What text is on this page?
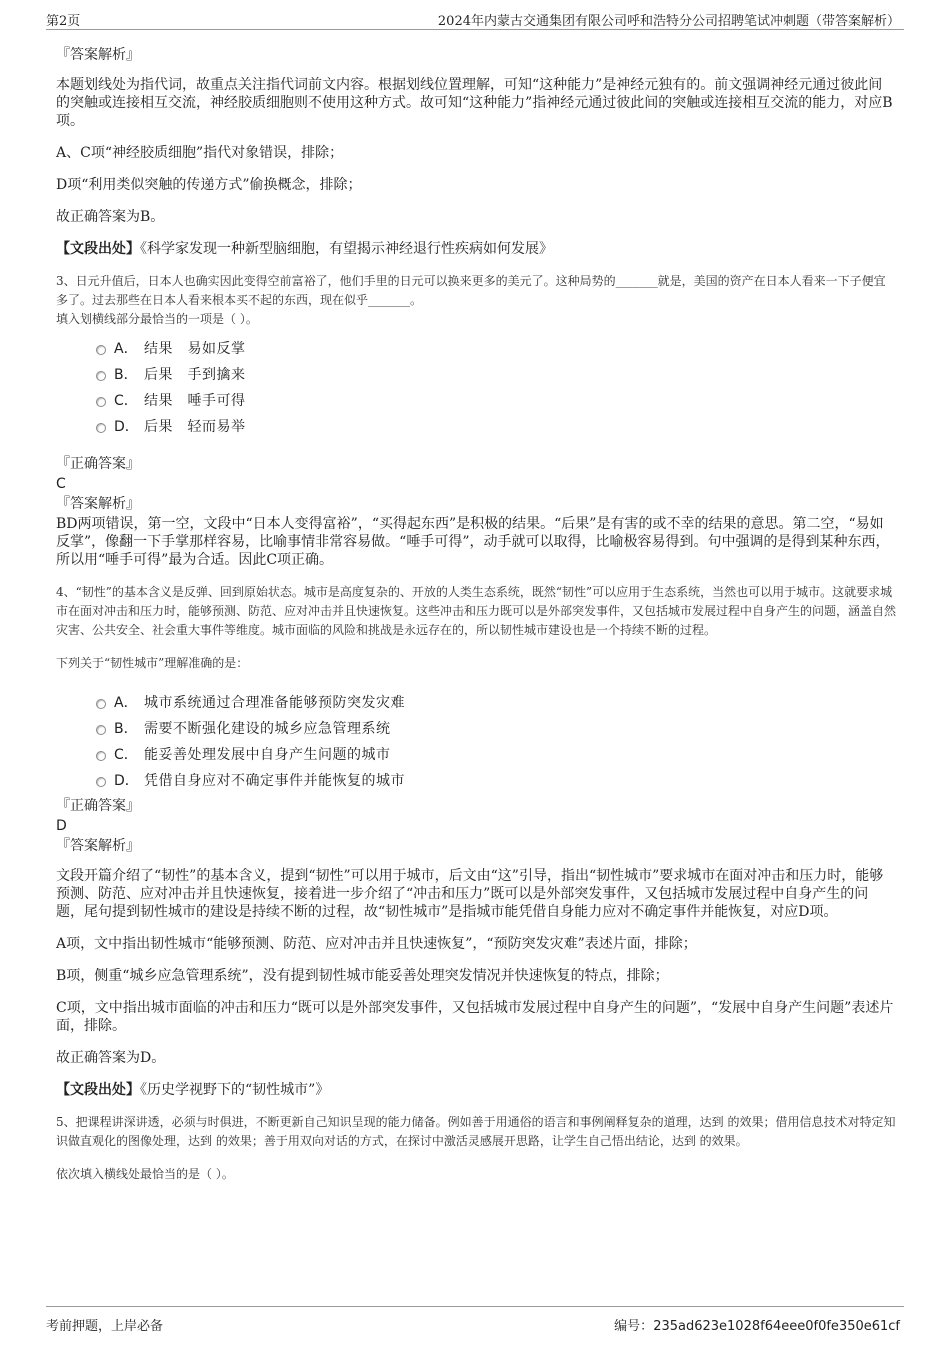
第2页	2024年内蒙古交通集团有限公司呼和浩特分公司招聘笔试冲刺题（带答案解析）
『答案解析』
本题划线处为指代词，故重点关注指代词前文内容。根据划线位置理解，可知“这种能力”是神经元独有的。前文强调神经元通过彼此间的突触或连接相互交流，神经胶质细胞则不使用这种方式。故可知“这种能力”指神经元通过彼此间的突触或连接相互交流的能力，对应B项。
A、C项“神经胶质细胞”指代对象错误，排除；
D项“利用类似突触的传递方式”偷换概念，排除；
故正确答案为B。
【文段出处】《科学家发现一种新型脑细胞，有望揭示神经退行性疾病如何发展》
3、日元升值后，日本人也确实因此变得空前富裕了，他们手里的日元可以换来更多的美元了。这种局势的_______就是，美国的资产在日本人看来一下子便宜多了。过去那些在日本人看来根本买不起的东西，现在似乎_______。
填入划横线部分最恰当的一项是（ ）。
A． 结果　易如反掌
B． 后果　手到擒来
C． 结果　唾手可得
D． 后果　轻而易举
『正确答案』
C
『答案解析』
BD两项错误，第一空，文段中“日本人变得富裕”，“买得起东西”是积极的结果。“后果”是有害的或不幸的结果的意思。第二空，“易如反掌”，像翻一下手掌那样容易，比喻事情非常容易做。“唾手可得”，动手就可以取得，比喻极容易得到。句中强调的是得到某种东西，所以用“唾手可得”最为合适。因此C项正确。
4、“韧性”的基本含义是反弹、回到原始状态。城市是高度复杂的、开放的人类生态系统，既然“韧性”可以应用于生态系统，当然也可以用于城市。这就要求城市在面对冲击和压力时，能够预测、防范、应对冲击并且快速恢复。这些冲击和压力既可以是外部突发事件，又包括城市发展过程中自身产生的问题，涵盖自然灾害、公共安全、社会重大事件等维度。城市面临的风险和挑战是永远存在的，所以韧性城市建设也是一个持续不断的过程。
下列关于“韧性城市”理解准确的是：
A． 城市系统通过合理准备能够预防突发灾难
B． 需要不断强化建设的城乡应急管理系统
C． 能妥善处理发展中自身产生问题的城市
D． 凭借自身应对不确定事件并能恢复的城市
『正确答案』
D
『答案解析』
文段开篇介绍了“韧性”的基本含义，提到“韧性”可以用于城市，后文由“这”引导，指出“韧性城市”要求城市在面对冲击和压力时，能够预测、防范、应对冲击并且快速恢复，接着进一步介绍了“冲击和压力”既可以是外部突发事件，又包括城市发展过程中自身产生的问题，尾句提到韧性城市的建设是持续不断的过程，故“韧性城市”是指城市能凭借自身能力应对不确定事件并能恢复，对应D项。
A项，文中指出韧性城市“能够预测、防范、应对冲击并且快速恢复”，“预防突发灾难”表述片面，排除；
B项，侧重“城乡应急管理系统”，没有提到韧性城市能妥善处理突发情况并快速恢复的特点，排除；
C项，文中指出城市面临的冲击和压力“既可以是外部突发事件，又包括城市发展过程中自身产生的问题”，“发展中自身产生问题”表述片面，排除。
故正确答案为D。
【文段出处】《历史学视野下的“韧性城市”》
5、把课程讲深讲透，必须与时俱进，不断更新自己知识呈现的能力储备。例如善于用通俗的语言和事例阐释复杂的道理，达到 的效果；借用信息技术对特定知识做直观化的图像处理，达到 的效果；善于用双向对话的方式，在探讨中激活灵感展开思路，让学生自己悟出结论，达到 的效果。
依次填入横线处最恰当的是（ ）。
考前押题，上岸必备	编号：235ad623e1028f64eee0f0fe350e61cf
